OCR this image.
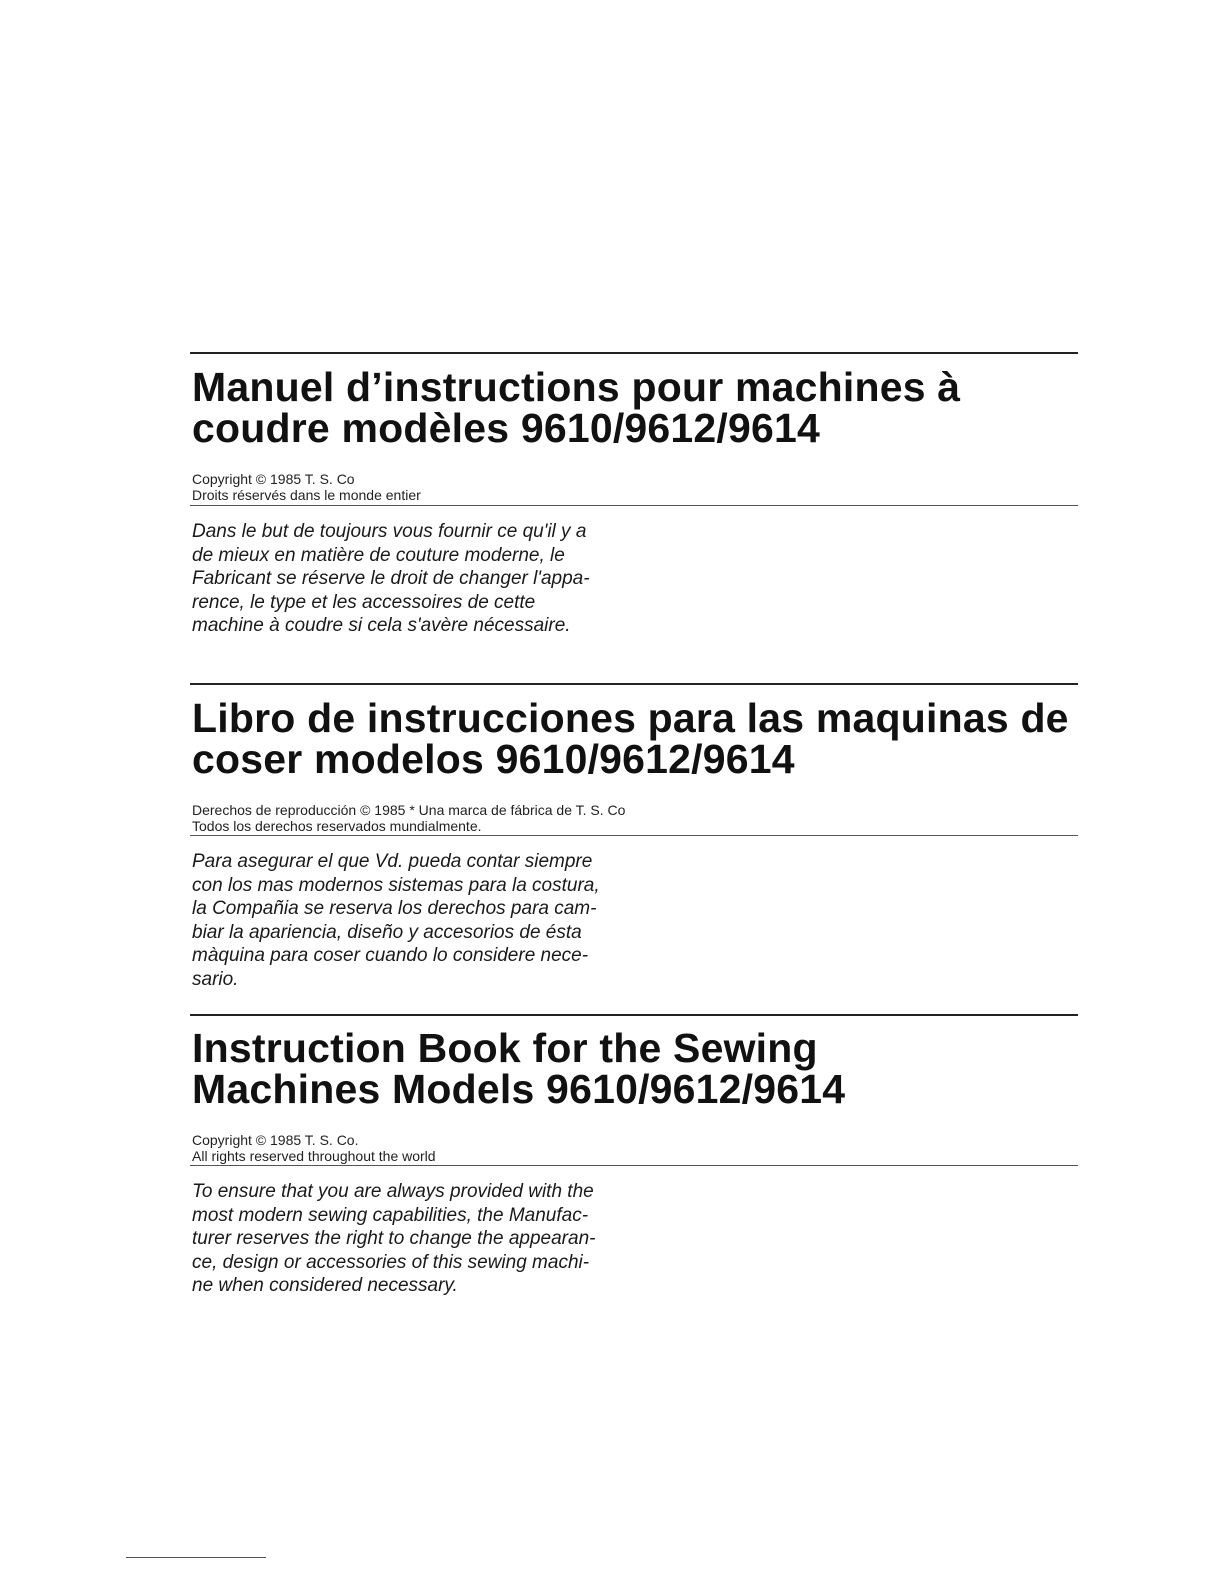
Manuel d’instructions pour machines à
coudre modèles 9610/9612/9614

Copyright © 1985 T. S. Co
Droits réservés dans le monde entier

Dans le but de toujours vous fournir ce qu'il y a
de mieux en matière de couture moderne, le
Fabricant se réserve le droit de changer l'appa-
rence, le type et les accessoires de cette
machine à coudre si cela s'avère nécessaire.

Libro de instrucciones para las maquinas de
coser modelos 9610/9612/9614

Derechos de reproducción © 1985 * Una marca de fábrica de T. S. Co
Todos los derechos reservados mundialmente.

Para asegurar el que Vd. pueda contar siempre
con los mas modernos sistemas para la costura,
la Compañia se reserva los derechos para cam-
biar la apariencia, diseño y accesorios de ésta
màquina para coser cuando lo considere nece-
sario.

Instruction Book for the Sewing
Machines Models 9610/9612/9614

Copyright © 1985 T. S. Co.
All rights reserved throughout the world

To ensure that you are always provided with the
most modern sewing capabilities, the Manufac-
turer reserves the right to change the appearan-
ce, design or accessories of this sewing machi-
ne when considered necessary.
